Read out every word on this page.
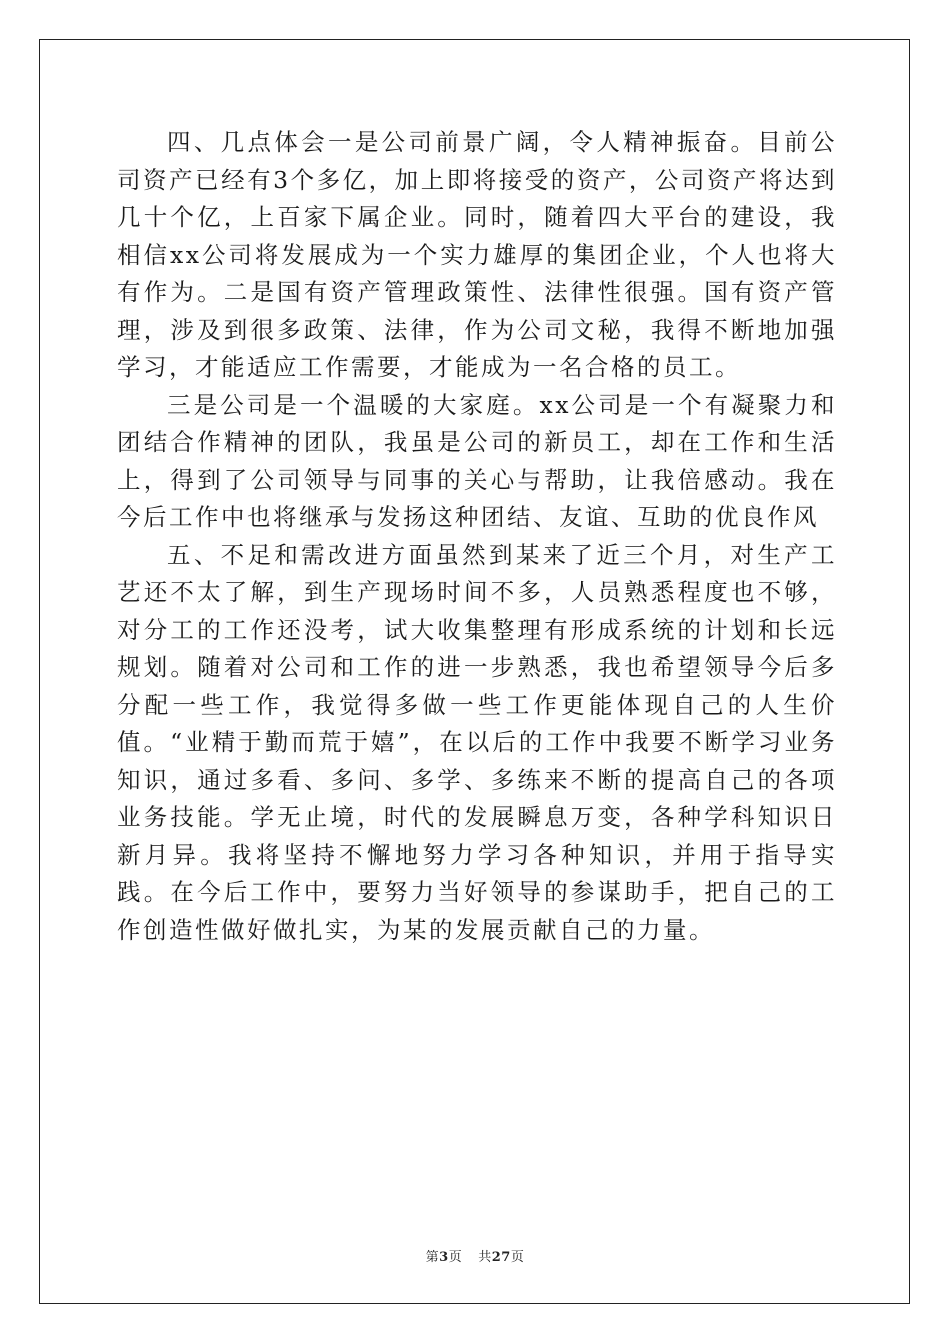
四、几点体会一是公司前景广阔，令人精神振奋。目前公司资产已经有3个多亿，加上即将接受的资产，公司资产将达到几十个亿，上百家下属企业。同时，随着四大平台的建设，我相信xx公司将发展成为一个实力雄厚的集团企业，个人也将大有作为。二是国有资产管理政策性、法律性很强。国有资产管理，涉及到很多政策、法律，作为公司文秘，我得不断地加强学习，才能适应工作需要，才能成为一名合格的员工。

三是公司是一个温暖的大家庭。xx公司是一个有凝聚力和团结合作精神的团队，我虽是公司的新员工，却在工作和生活上，得到了公司领导与同事的关心与帮助，让我倍感动。我在今后工作中也将继承与发扬这种团结、友谊、互助的优良作风

五、不足和需改进方面虽然到某来了近三个月，对生产工艺还不太了解，到生产现场时间不多，人员熟悉程度也不够，对分工的工作还没考，试大收集整理有形成系统的计划和长远规划。随着对公司和工作的进一步熟悉，我也希望领导今后多分配一些工作，我觉得多做一些工作更能体现自己的人生价值。“业精于勤而荒于嬉”，在以后的工作中我要不断学习业务知识，通过多看、多问、多学、多练来不断的提高自己的各项业务技能。学无止境，时代的发展瞬息万变，各种学科知识日新月异。我将坚持不懈地努力学习各种知识，并用于指导实践。在今后工作中，要努力当好领导的参谋助手，把自己的工作创造性做好做扎实，为某的发展贡献自己的力量。

第3页 共27页
